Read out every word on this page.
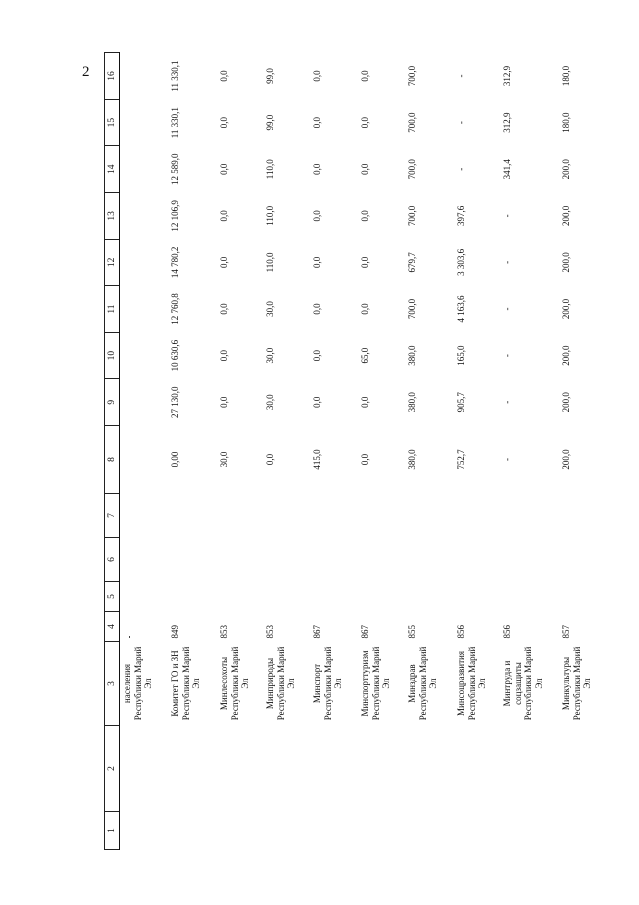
2
1	2	3	4	5	6	7	8	9	10	11	12	13	14	15	16
		населения Республики Марий Эл													
		Комитет ГО и ЗН Республики Марий Эл	849				0,00	27 130,0	10 630,6	12 760,8	14 780,2	12 106,9	12 589,0	11 330,1	11 330,1
		Минлесохоты Республики Марий Эл	853				30,0	0,0	0,0	0,0	0,0	0,0	0,0	0,0	0,0
		Минприроды Республики Марий Эл	853				0,0	30,0	30,0	30,0	110,0	110,0	110,0	99,0	99,0
		Минспорт Республики Марий Эл	867				415,0	0,0	0,0	0,0	0,0	0,0	0,0	0,0	0,0
		Минспорттуризм Республики Марий Эл	867				0,0	0,0	65,0	0,0	0,0	0,0	0,0	0,0	0,0
		Минздрав Республики Марий Эл	855				380,0	380,0	380,0	700,0	679,7	700,0	700,0	700,0	700,0
		Минсоцразвития Республики Марий Эл	856				752,7	905,7	165,0	4 163,6	3 303,6	397,6	-	-	-
		Минтруда и соцзащиты Республики Марий Эл	856				-	-	-	-	-	-	341,4	312,9	312,9
		Минкультуры Республики Марий Эл	857				200,0	200,0	200,0	200,0	200,0	200,0	200,0	180,0	180,0
